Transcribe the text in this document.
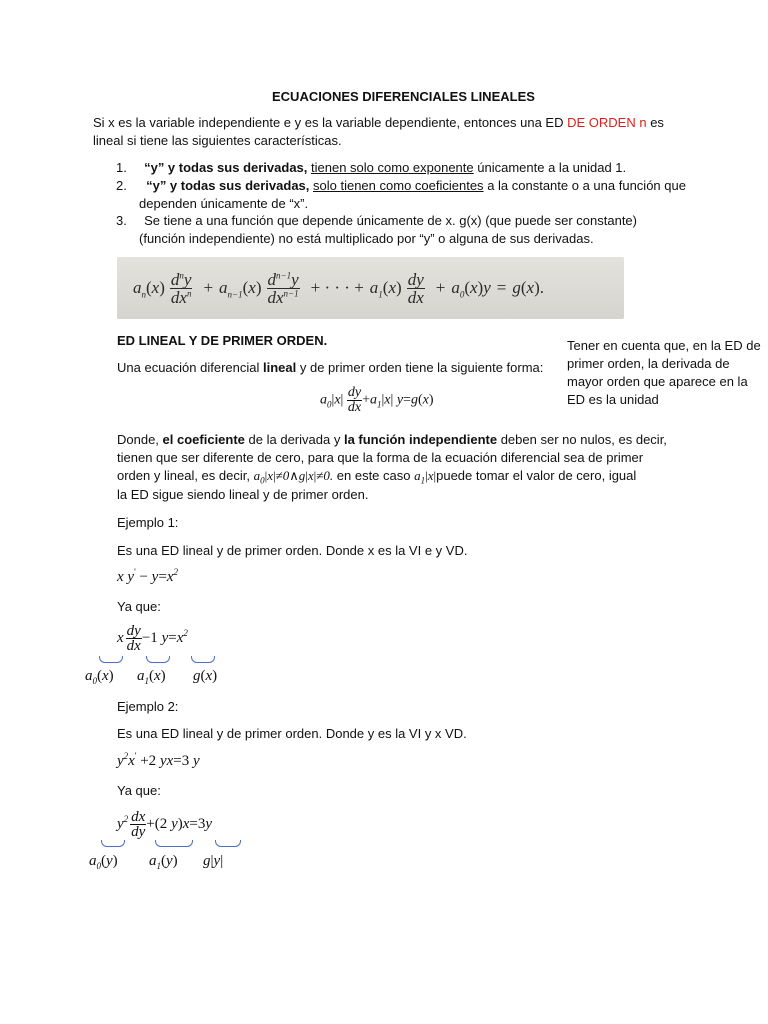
ECUACIONES DIFERENCIALES LINEALES
Si x es la variable independiente e y es la variable dependiente, entonces una ED DE ORDEN n es
lineal si tiene las siguientes características.
1. “y” y todas sus derivadas, tienen solo como exponente únicamente a la unidad 1.
2. “y” y todas sus derivadas, solo tienen como coeficientes a la constante o a una función que
dependen únicamente de “x”.
3. Se tiene a una función que depende únicamente de x. g(x) (que puede ser constante)
(función independiente) no está multiplicado por “y” o alguna de sus derivadas.
$a_n$ ( x ) $\frac{d^ny}{dx^n} + a_{n-1}$ ( x ) $\frac{d^{n-1}y}{dx^{n-1}}$ + · · · + $a_1$ ( x ) $\frac{dy}{dx} + a_0$ ( x ) y = g ( x ).
ED LINEAL Y DE PRIMER ORDEN.	Tener en cuenta que, en la ED de
primer orden, la derivada de
mayor orden que aparece en la
ED es la unidad
Una ecuación diferencial lineal y de primer orden tiene la siguiente forma:
$a_0|x| \frac{dy}{dx} +a_1|x|$ y=g(x)
Donde, el coeficiente de la derivada y la función independiente deben ser no nulos, es decir,
tienen que ser diferente de cero, para que la forma de la ecuación diferencial sea de primer
orden y lineal, es decir, $a_0|x|\ne 0\wedge g|x|\ne 0$. en este caso $a_1|x|puede$ tomar el valor de cero, igual
la ED sigue siendo lineal y de primer orden.
Ejemplo 1:
Es una ED lineal y de primer orden. Donde x es la VI e y VD.
x $y' - y=x^2$
Ya que:
x $\frac{dy}{dx} -1$ $y=x^2$
$a_0(x)$ $a_1(x)$ g(x)
Ejemplo 2:
Es una ED lineal y de primer orden. Donde y es la VI y x VD.
$y^2x' +2$ yx=3 y
Ya que:
$y^2 \frac{dx}{dy} +(2$ y)x=3y
$a_0(y)$ $a_1(y)$ g|y|
